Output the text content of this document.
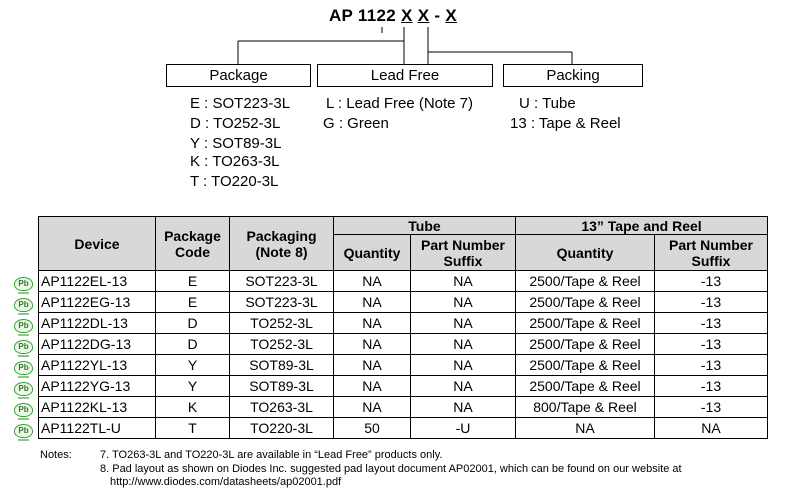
AP 1122 X X - X
Package	Lead Free	Packing
E : SOT223-3L
D : TO252-3L
Y : SOT89-3L
K : TO263-3L
T : TO220-3L
L : Lead Free (Note 7)
G : Green
U : Tube
13 : Tape & Reel
Device	Package Code	Packaging (Note 8)	Tube		13” Tape and Reel	
			Quantity	Part Number Suffix	Quantity	Part Number Suffix
AP1122EL-13	E	SOT223-3L	NA	NA	2500/Tape & Reel	-13
AP1122EG-13	E	SOT223-3L	NA	NA	2500/Tape & Reel	-13
AP1122DL-13	D	TO252-3L	NA	NA	2500/Tape & Reel	-13
AP1122DG-13	D	TO252-3L	NA	NA	2500/Tape & Reel	-13
AP1122YL-13	Y	SOT89-3L	NA	NA	2500/Tape & Reel	-13
AP1122YG-13	Y	SOT89-3L	NA	NA	2500/Tape & Reel	-13
AP1122KL-13	K	TO263-3L	NA	NA	800/Tape & Reel	-13
AP1122TL-U	T	TO220-3L	50	-U	NA	NA
Pb
Pb
Pb
Pb
Pb
Pb
Pb
Pb
Notes:	7. TO263-3L and TO220-3L are available in “Lead Free” products only.
8. Pad layout as shown on Diodes Inc. suggested pad layout document AP02001, which can be found on our website at
http://www.diodes.com/datasheets/ap02001.pdf
